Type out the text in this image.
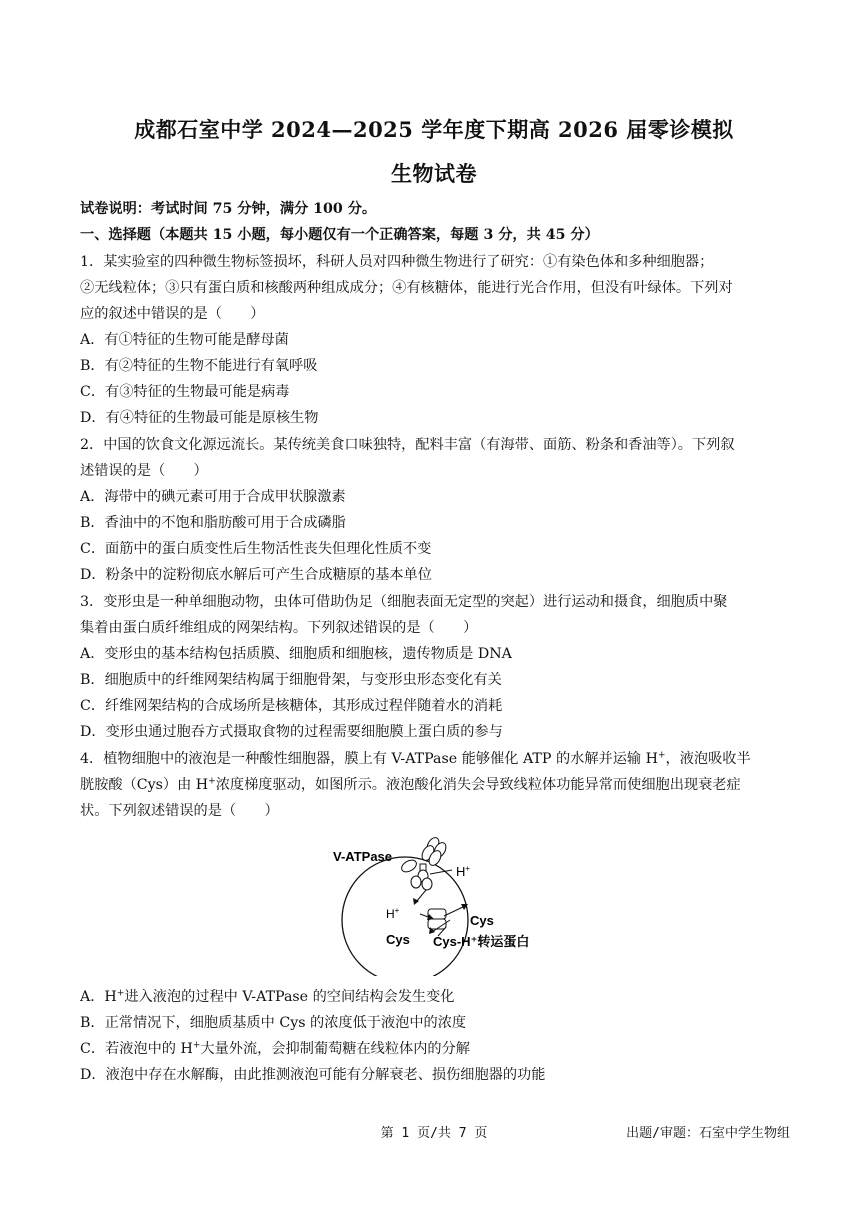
成都石室中学 2024—2025 学年度下期高 2026 届零诊模拟
生物试卷
试卷说明：考试时间 75 分钟，满分 100 分。
一、选择题（本题共 15 小题，每小题仅有一个正确答案，每题 3 分，共 45 分）
1．某实验室的四种微生物标签损坏，科研人员对四种微生物进行了研究：①有染色体和多种细胞器；
②无线粒体；③只有蛋白质和核酸两种组成成分；④有核糖体，能进行光合作用，但没有叶绿体。下列对
应的叙述中错误的是（　　）
A．有①特征的生物可能是酵母菌
B．有②特征的生物不能进行有氧呼吸
C．有③特征的生物最可能是病毒
D．有④特征的生物最可能是原核生物
2．中国的饮食文化源远流长。某传统美食口味独特，配料丰富（有海带、面筋、粉条和香油等）。下列叙
述错误的是（　　）
A．海带中的碘元素可用于合成甲状腺激素
B．香油中的不饱和脂肪酸可用于合成磷脂
C．面筋中的蛋白质变性后生物活性丧失但理化性质不变
D．粉条中的淀粉彻底水解后可产生合成糖原的基本单位
3．变形虫是一种单细胞动物，虫体可借助伪足（细胞表面无定型的突起）进行运动和摄食，细胞质中聚
集着由蛋白质纤维组成的网架结构。下列叙述错误的是（　　）
A．变形虫的基本结构包括质膜、细胞质和细胞核，遗传物质是 DNA
B．细胞质中的纤维网架结构属于细胞骨架，与变形虫形态变化有关
C．纤维网架结构的合成场所是核糖体，其形成过程伴随着水的消耗
D．变形虫通过胞吞方式摄取食物的过程需要细胞膜上蛋白质的参与
4．植物细胞中的液泡是一种酸性细胞器，膜上有 V-ATPase 能够催化 ATP 的水解并运输 H+，液泡吸收半
胱胺酸（Cys）由 H+浓度梯度驱动，如图所示。液泡酸化消失会导致线粒体功能异常而使细胞出现衰老症
状。下列叙述错误的是（　　）
V-ATPase
H+
H+
Cys
Cys Cys-H⁺转运蛋白
A．H+进入液泡的过程中 V-ATPase 的空间结构会发生变化
B．正常情况下，细胞质基质中 Cys 的浓度低于液泡中的浓度
C．若液泡中的 H+大量外流，会抑制葡萄糖在线粒体内的分解
D．液泡中存在水解酶，由此推测液泡可能有分解衰老、损伤细胞器的功能
第 1 页/共 7 页	出题/审题：石室中学生物组
